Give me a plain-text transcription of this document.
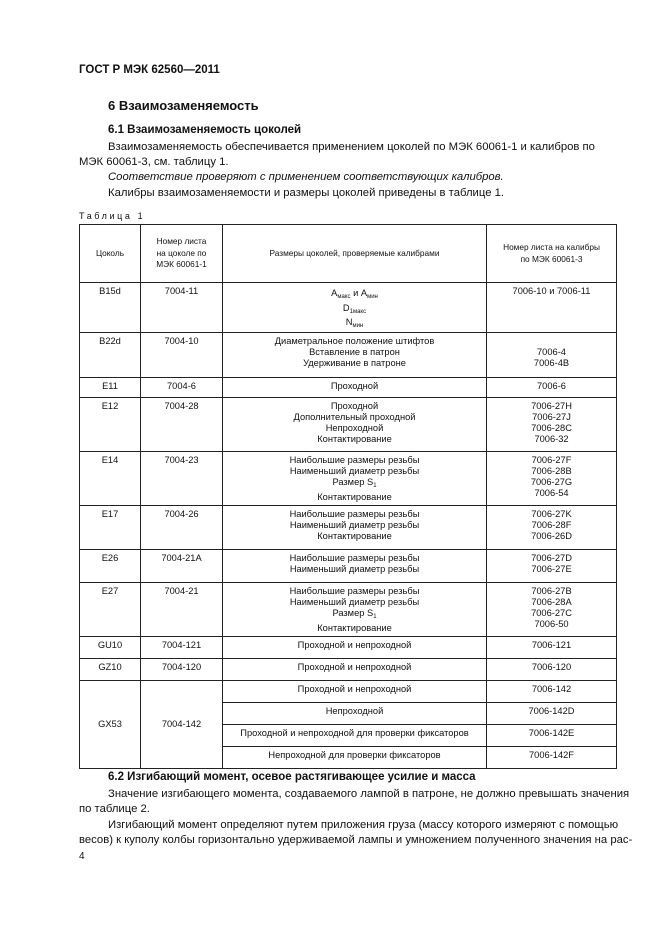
ГОСТ Р МЭК 62560—2011
6 Взаимозаменяемость
6.1 Взаимозаменяемость цоколей
Взаимозаменяемость обеспечивается применением цоколей по МЭК 60061-1 и калибров по
МЭК 60061-3, см. таблицу 1.
Соответствие проверяют с применением соответствующих калибров.
Калибры взаимозаменяемости и размеры цоколей приведены в таблице 1.
Таблица 1
Цоколь	Номер листа
на цоколе по
МЭК 60061-1	Размеры цоколей, проверяемые калибрами	Номер листа на калибры
по МЭК 60061-3

B15d	7004-11	$A_{макс}$ и $A_{мин}$
$D_{1макс}$
$N_{мин}$	7006-10 и 7006-11

B22d	7004-10	Диаметральное положение штифтов
Вставление в патрон
Удерживание в патроне	7006-4
7006-4B

E11	7004-6	Проходной	7006-6

E12	7004-28	Проходной
Дополнительный проходной
Непроходной
Контактирование	7006-27H
7006-27J
7006-28C
7006-32

E14	7004-23	Наибольшие размеры резьбы
Наименьший диаметр резьбы
Размер $S_1$
Контактирование	7006-27F
7006-28B
7006-27G
7006-54

E17	7004-26	Наибольшие размеры резьбы
Наименьший диаметр резьбы
Контактирование	7006-27K
7006-28F
7006-26D

E26	7004-21A	Наибольшие размеры резьбы
Наименьший диаметр резьбы	7006-27D
7006-27E

E27	7004-21	Наибольшие размеры резьбы
Наименьший диаметр резьбы
Размер $S_1$
Контактирование	7006-27B
7006-28A
7006-27C
7006-50

GU10	7004-121	Проходной и непроходной	7006-121

GZ10	7004-120	Проходной и непроходной	7006-120

GX53	7004-142	Проходной и непроходной	7006-142

		Непроходной	7006-142D

		Проходной и непроходной для проверки фиксаторов	7006-142E

		Непроходной для проверки фиксаторов	7006-142F
6.2 Изгибающий момент, осевое растягивающее усилие и масса
Значение изгибающего момента, создаваемого лампой в патроне, не должно превышать значения
по таблице 2.
Изгибающий момент определяют путем приложения груза (массу которого измеряют с помощью
весов) к куполу колбы горизонтально удерживаемой лампы и умножением полученного значения на рас-
4
